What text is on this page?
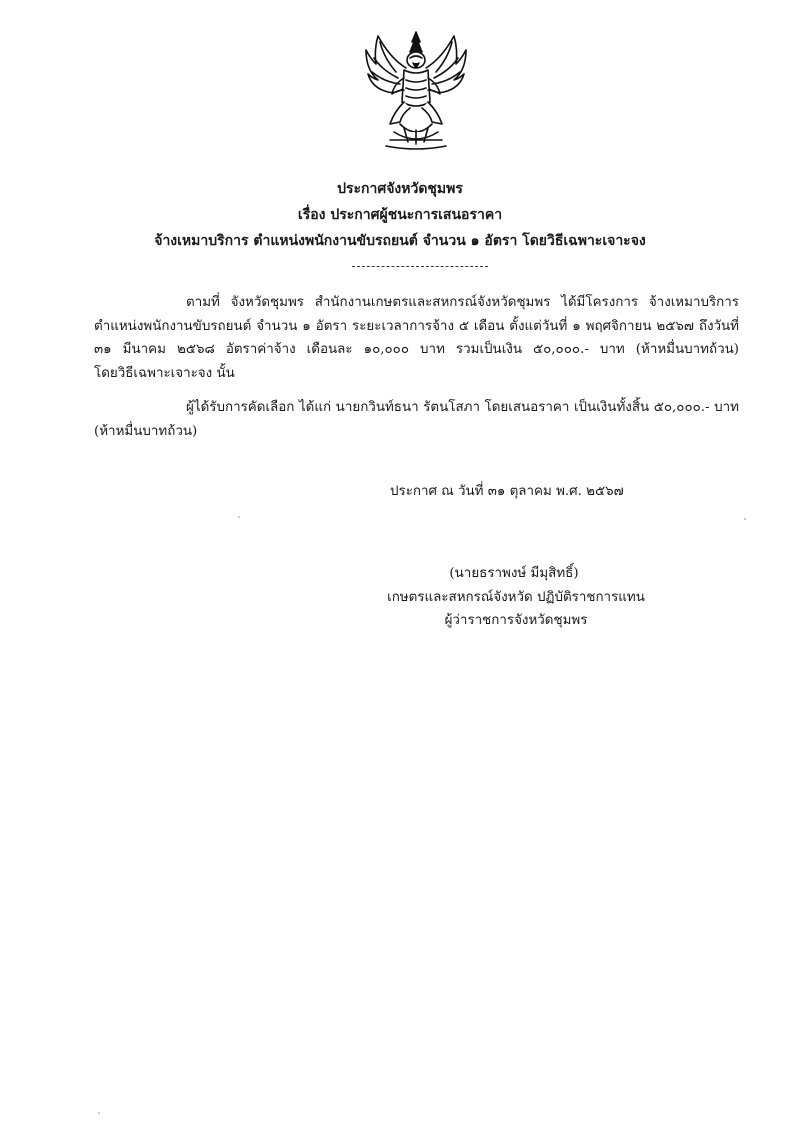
ประกาศจังหวัดชุมพร
เรื่อง ประกาศผู้ชนะการเสนอราคา
จ้างเหมาบริการ ตำแหน่งพนักงานขับรถยนต์ จำนวน ๑ อัตรา โดยวิธีเฉพาะเจาะจง
ตามที่ จังหวัดชุมพร สำนักงานเกษตรและสหกรณ์จังหวัดชุมพร ได้มีโครงการ จ้างเหมาบริการ
ตำแหน่งพนักงานขับรถยนต์ จำนวน ๑ อัตรา ระยะเวลาการจ้าง ๕ เดือน ตั้งแต่วันที่ ๑ พฤศจิกายน ๒๕๖๗ ถึงวันที่
๓๑ มีนาคม ๒๕๖๘ อัตราค่าจ้าง เดือนละ ๑๐,๐๐๐ บาท รวมเป็นเงิน ๕๐,๐๐๐.- บาท (ห้าหมื่นบาทถ้วน)
โดยวิธีเฉพาะเจาะจง นั้น
ผู้ได้รับการคัดเลือก ได้แก่ นายกวินท์ธนา รัตนโสภา โดยเสนอราคา เป็นเงินทั้งสิ้น ๕๐,๐๐๐.- บาท
(ห้าหมื่นบาทถ้วน)
ประกาศ ณ วันที่ ๓๑ ตุลาคม พ.ศ. ๒๕๖๗
(นายธราพงษ์ มีมุสิทธิ์)
เกษตรและสหกรณ์จังหวัด ปฏิบัติราชการแทน
ผู้ว่าราชการจังหวัดชุมพร
